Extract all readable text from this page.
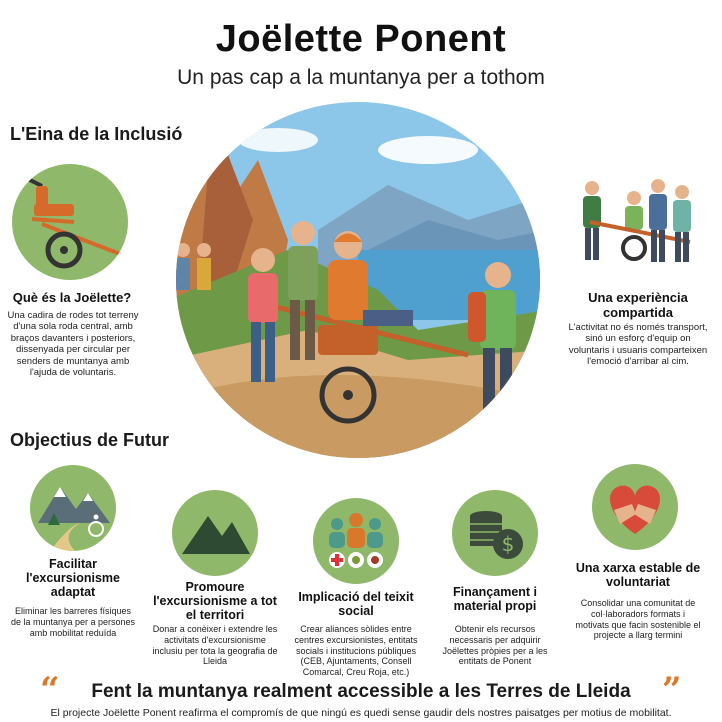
Joëlette Ponent
Un pas cap a la muntanya per a tothom
L'Eina de la Inclusió
Objectius de Futur
Què és la Joëlette?
Una cadira de rodes tot terreny d'una sola roda central, amb braços davanters i posteriors, dissenyada per circular per senders de muntanya amb l'ajuda de voluntaris.
Una experiència compartida
L'activitat no és només transport, sinó un esforç d'equip on voluntaris i usuaris comparteixen l'emoció d'arribar al cim.
Facilitar l'excursionisme adaptat
Eliminar les barreres físiques de la muntanya per a persones amb mobilitat reduïda
Promoure l'excursionisme a tot el territori
Donar a conèixer i extendre les activitats d'excursionisme inclusiu per tota la geografia de Lleida
Implicació del teixit social
Crear aliances sòlides entre centres excursionistes, entitats socials i institucions públiques (CEB, Ajuntaments, Consell Comarcal, Creu Roja, etc.)
$
Finançament i material propi
Obtenir els recursos necessaris per adquirir Joëlettes pròpies per a les entitats de Ponent
Una xarxa estable de voluntariat
Consolidar una comunitat de col·laboradors formats i motivats que facin sostenible el projecte a llarg termini
“	”
Fent la muntanya realment accessible a les Terres de Lleida
El projecte Joëlette Ponent reafirma el compromís de que ningú es quedi sense gaudir dels nostres paisatges per motius de mobilitat.
